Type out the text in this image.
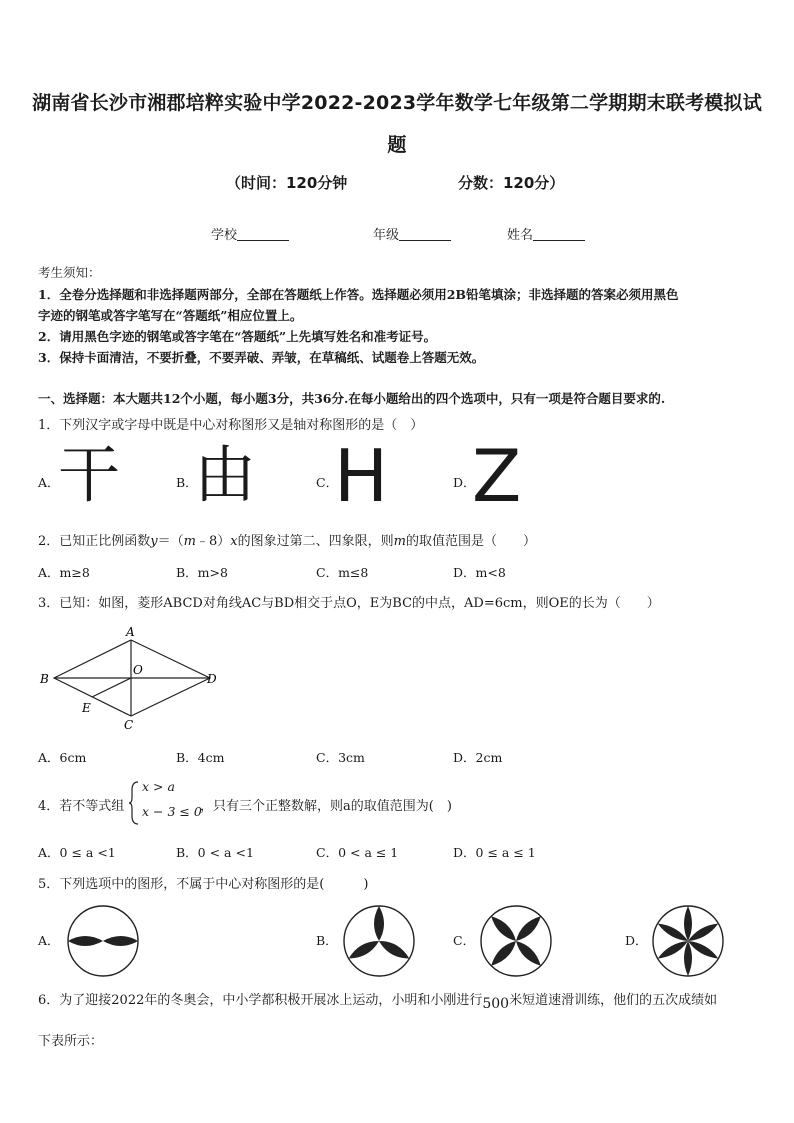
湖南省长沙市湘郡培粹实验中学2022-2023学年数学七年级第二学期期末联考模拟试
题
（时间：120分钟	分数：120分）
学校	年级	姓名
考生须知：
1．全卷分选择题和非选择题两部分，全部在答题纸上作答。选择题必须用2B铅笔填涂；非选择题的答案必须用黑色
字迹的钢笔或答字笔写在“答题纸”相应位置上。
2．请用黑色字迹的钢笔或答字笔在“答题纸”上先填写姓名和准考证号。
3．保持卡面清洁，不要折叠，不要弄破、弄皱，在草稿纸、试题卷上答题无效。
一、选择题：本大题共12个小题，每小题3分，共36分.在每小题给出的四个选项中，只有一项是符合题目要求的.
1．下列汉字或字母中既是中心对称图形又是轴对称图形的是（　）
A．
干	B．
由	C．
H	D．
Z
2．已知正比例函数y＝（m﹣8）x的图象过第二、四象限，则m的取值范围是（　　）
A．m≥8	B．m>8	C．m≤8	D．m<8
3．已知：如图，菱形ABCD对角线AC与BD相交于点O，E为BC的中点，AD=6cm，则OE的长为（　　）
A
B
C
D
O
E
A．6cm	B．4cm	C．3cm	D．2cm
4．若不等式组
x > a
x − 3 ≤ 0
，只有三个正整数解，则a的取值范围为(　)
A．0 ≤ a <1	B．0 < a <1	C．0 < a ≤ 1	D．0 ≤ a ≤ 1
5．下列选项中的图形，不属于中心对称图形的是(　　　)
A．	B．	C．	D．
6．为了迎接2022年的冬奥会，中小学都积极开展冰上运动，小明和小刚进行500米短道速滑训练，他们的五次成绩如
下表所示：
